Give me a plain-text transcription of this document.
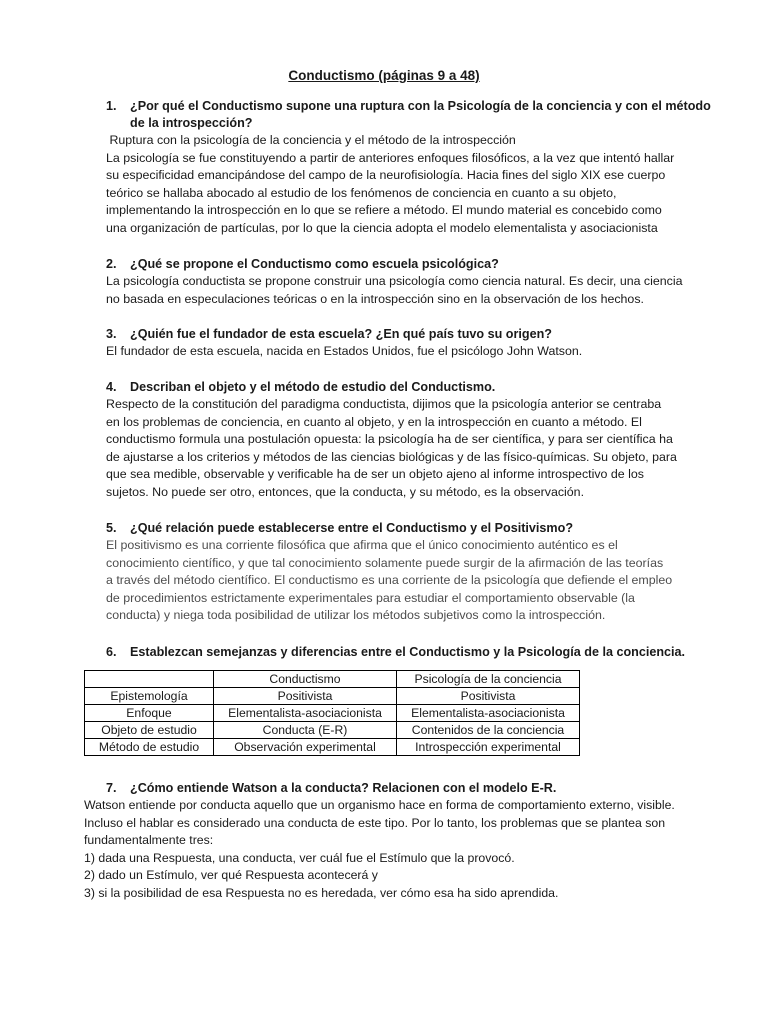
Conductismo (páginas 9 a 48)
1. ¿Por qué el Conductismo supone una ruptura con la Psicología de la conciencia y con el método
de la introspección?
Ruptura con la psicología de la conciencia y el método de la introspección
La psicología se fue constituyendo a partir de anteriores enfoques filosóficos, a la vez que intentó hallar
su especificidad emancipándose del campo de la neurofisiología. Hacia fines del siglo XIX ese cuerpo
teórico se hallaba abocado al estudio de los fenómenos de conciencia en cuanto a su objeto,
implementando la introspección en lo que se refiere a método. El mundo material es concebido como
una organización de partículas, por lo que la ciencia adopta el modelo elementalista y asociacionista
2.	¿Qué se propone el Conductismo como escuela psicológica?
La psicología conductista se propone construir una psicología como ciencia natural. Es decir, una ciencia
no basada en especulaciones teóricas o en la introspección sino en la observación de los hechos.
3.	¿Quién fue el fundador de esta escuela? ¿En qué país tuvo su origen?
El fundador de esta escuela, nacida en Estados Unidos, fue el psicólogo John Watson.
4.	Describan el objeto y el método de estudio del Conductismo.
Respecto de la constitución del paradigma conductista, dijimos que la psicología anterior se centraba
en los problemas de conciencia, en cuanto al objeto, y en la introspección en cuanto a método. El
conductismo formula una postulación opuesta: la psicología ha de ser científica, y para ser científica ha
de ajustarse a los criterios y métodos de las ciencias biológicas y de las físico-químicas. Su objeto, para
que sea medible, observable y verificable ha de ser un objeto ajeno al informe introspectivo de los
sujetos. No puede ser otro, entonces, que la conducta, y su método, es la observación.
5.	¿Qué relación puede establecerse entre el Conductismo y el Positivismo?
El positivismo es una corriente filosófica que afirma que el único conocimiento auténtico es el
conocimiento científico, y que tal conocimiento solamente puede surgir de la afirmación de las teorías
a través del método científico. El conductismo es una corriente de la psicología que defiende el empleo
de procedimientos estrictamente experimentales para estudiar el comportamiento observable (la
conducta) y niega toda posibilidad de utilizar los métodos subjetivos como la introspección.
6.	Establezcan semejanzas y diferencias entre el Conductismo y la Psicología de la conciencia.
	Conductismo	Psicología de la conciencia
Epistemología	Positivista	Positivista
Enfoque	Elementalista-asociacionista	Elementalista-asociacionista
Objeto de estudio	Conducta (E-R)	Contenidos de la conciencia
Método de estudio	Observación experimental	Introspección experimental
7.	¿Cómo entiende Watson a la conducta? Relacionen con el modelo E-R.
Watson entiende por conducta aquello que un organismo hace en forma de comportamiento externo, visible.
Incluso el hablar es considerado una conducta de este tipo. Por lo tanto, los problemas que se plantea son
fundamentalmente tres:
1) dada una Respuesta, una conducta, ver cuál fue el Estímulo que la provocó.
2) dado un Estímulo, ver qué Respuesta acontecerá y
3) si la posibilidad de esa Respuesta no es heredada, ver cómo esa ha sido aprendida.
